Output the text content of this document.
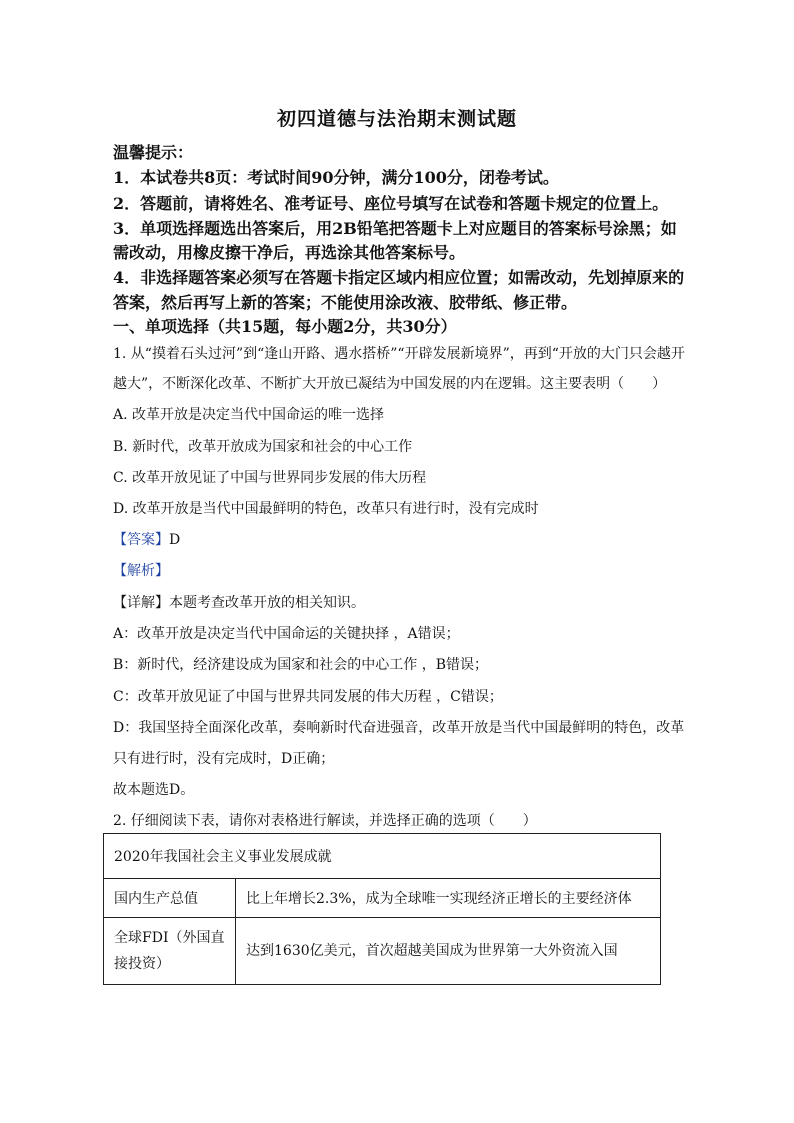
初四道德与法治期末测试题
温馨提示：
1．本试卷共8页：考试时间90分钟，满分100分，闭卷考试。
2．答题前，请将姓名、准考证号、座位号填写在试卷和答题卡规定的位置上。
3．单项选择题选出答案后，用2B铅笔把答题卡上对应题目的答案标号涂黑；如
需改动，用橡皮擦干净后，再选涂其他答案标号。
4．非选择题答案必须写在答题卡指定区域内相应位置；如需改动，先划掉原来的
答案，然后再写上新的答案；不能使用涂改液、胶带纸、修正带。
一、单项选择（共15题，每小题2分，共30分）
1. 从“摸着石头过河”到“逢山开路、遇水搭桥”“开辟发展新境界”，再到“开放的大门只会越开
越大”，不断深化改革、不断扩大开放已凝结为中国发展的内在逻辑。这主要表明（　　）
A. 改革开放是决定当代中国命运的唯一选择
B. 新时代，改革开放成为国家和社会的中心工作
C. 改革开放见证了中国与世界同步发展的伟大历程
D. 改革开放是当代中国最鲜明的特色，改革只有进行时，没有完成时
【答案】D
【解析】
【详解】本题考查改革开放的相关知识。
A：改革开放是决定当代中国命运的关键抉择 ，A错误；
B：新时代，经济建设成为国家和社会的中心工作 ，B错误；
C：改革开放见证了中国与世界共同发展的伟大历程 ，C错误；
D：我国坚持全面深化改革，奏响新时代奋进强音，改革开放是当代中国最鲜明的特色，改革
只有进行时，没有完成时，D正确；
故本题选D。
2. 仔细阅读下表，请你对表格进行解读，并选择正确的选项（　　）
2020年我国社会主义事业发展成就	
国内生产总值	比上年增长2.3%，成为全球唯一实现经济正增长的主要经济体
全球FDI（外国直接投资）	达到1630亿美元，首次超越美国成为世界第一大外资流入国
